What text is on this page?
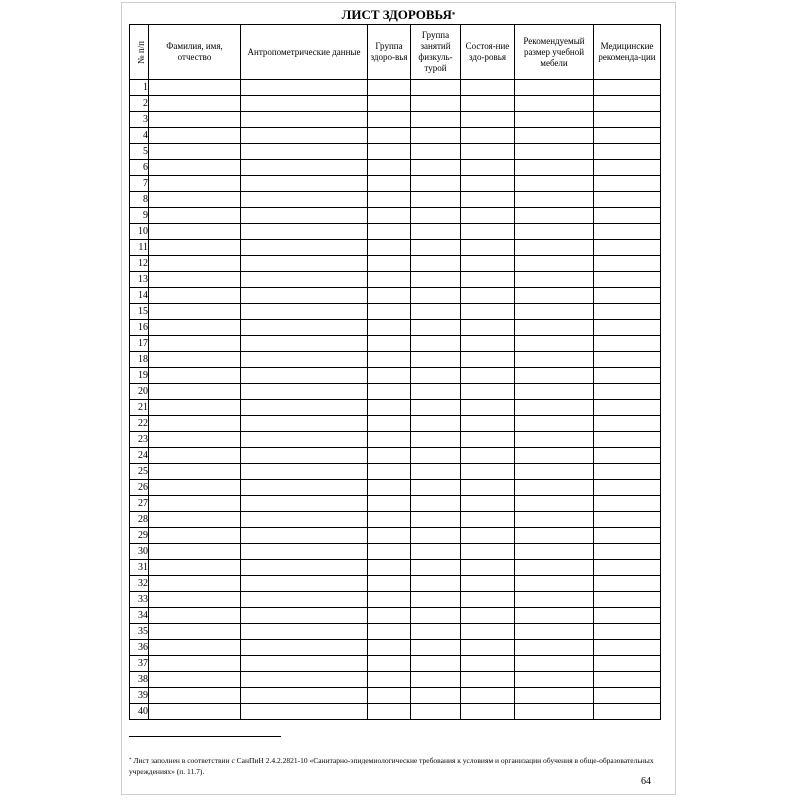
ЛИСТ ЗДОРОВЬЯ*
№ п/п	Фамилия, имя, отчество	Антропометрические данные	Группа здоро-вья	Группа занятий физкуль-турой	Состоя-ние здо-ровья	Рекомендуемый размер учебной мебели	Медицинские рекоменда-ции
1							
2							
3							
4							
5							
6							
7							
8							
9							
10							
11							
12							
13							
14							
15							
16							
17							
18							
19							
20							
21							
22							
23							
24							
25							
26							
27							
28							
29							
30							
31							
32							
33							
34							
35							
36							
37							
38							
39							
40							
* Лист заполнен в соответствии с СанПиН 2.4.2.2821-10 «Санитарно-эпидемиологические требования к условиям и организации обучения в обще-образовательных учреждениях» (п. 11.7).
64
